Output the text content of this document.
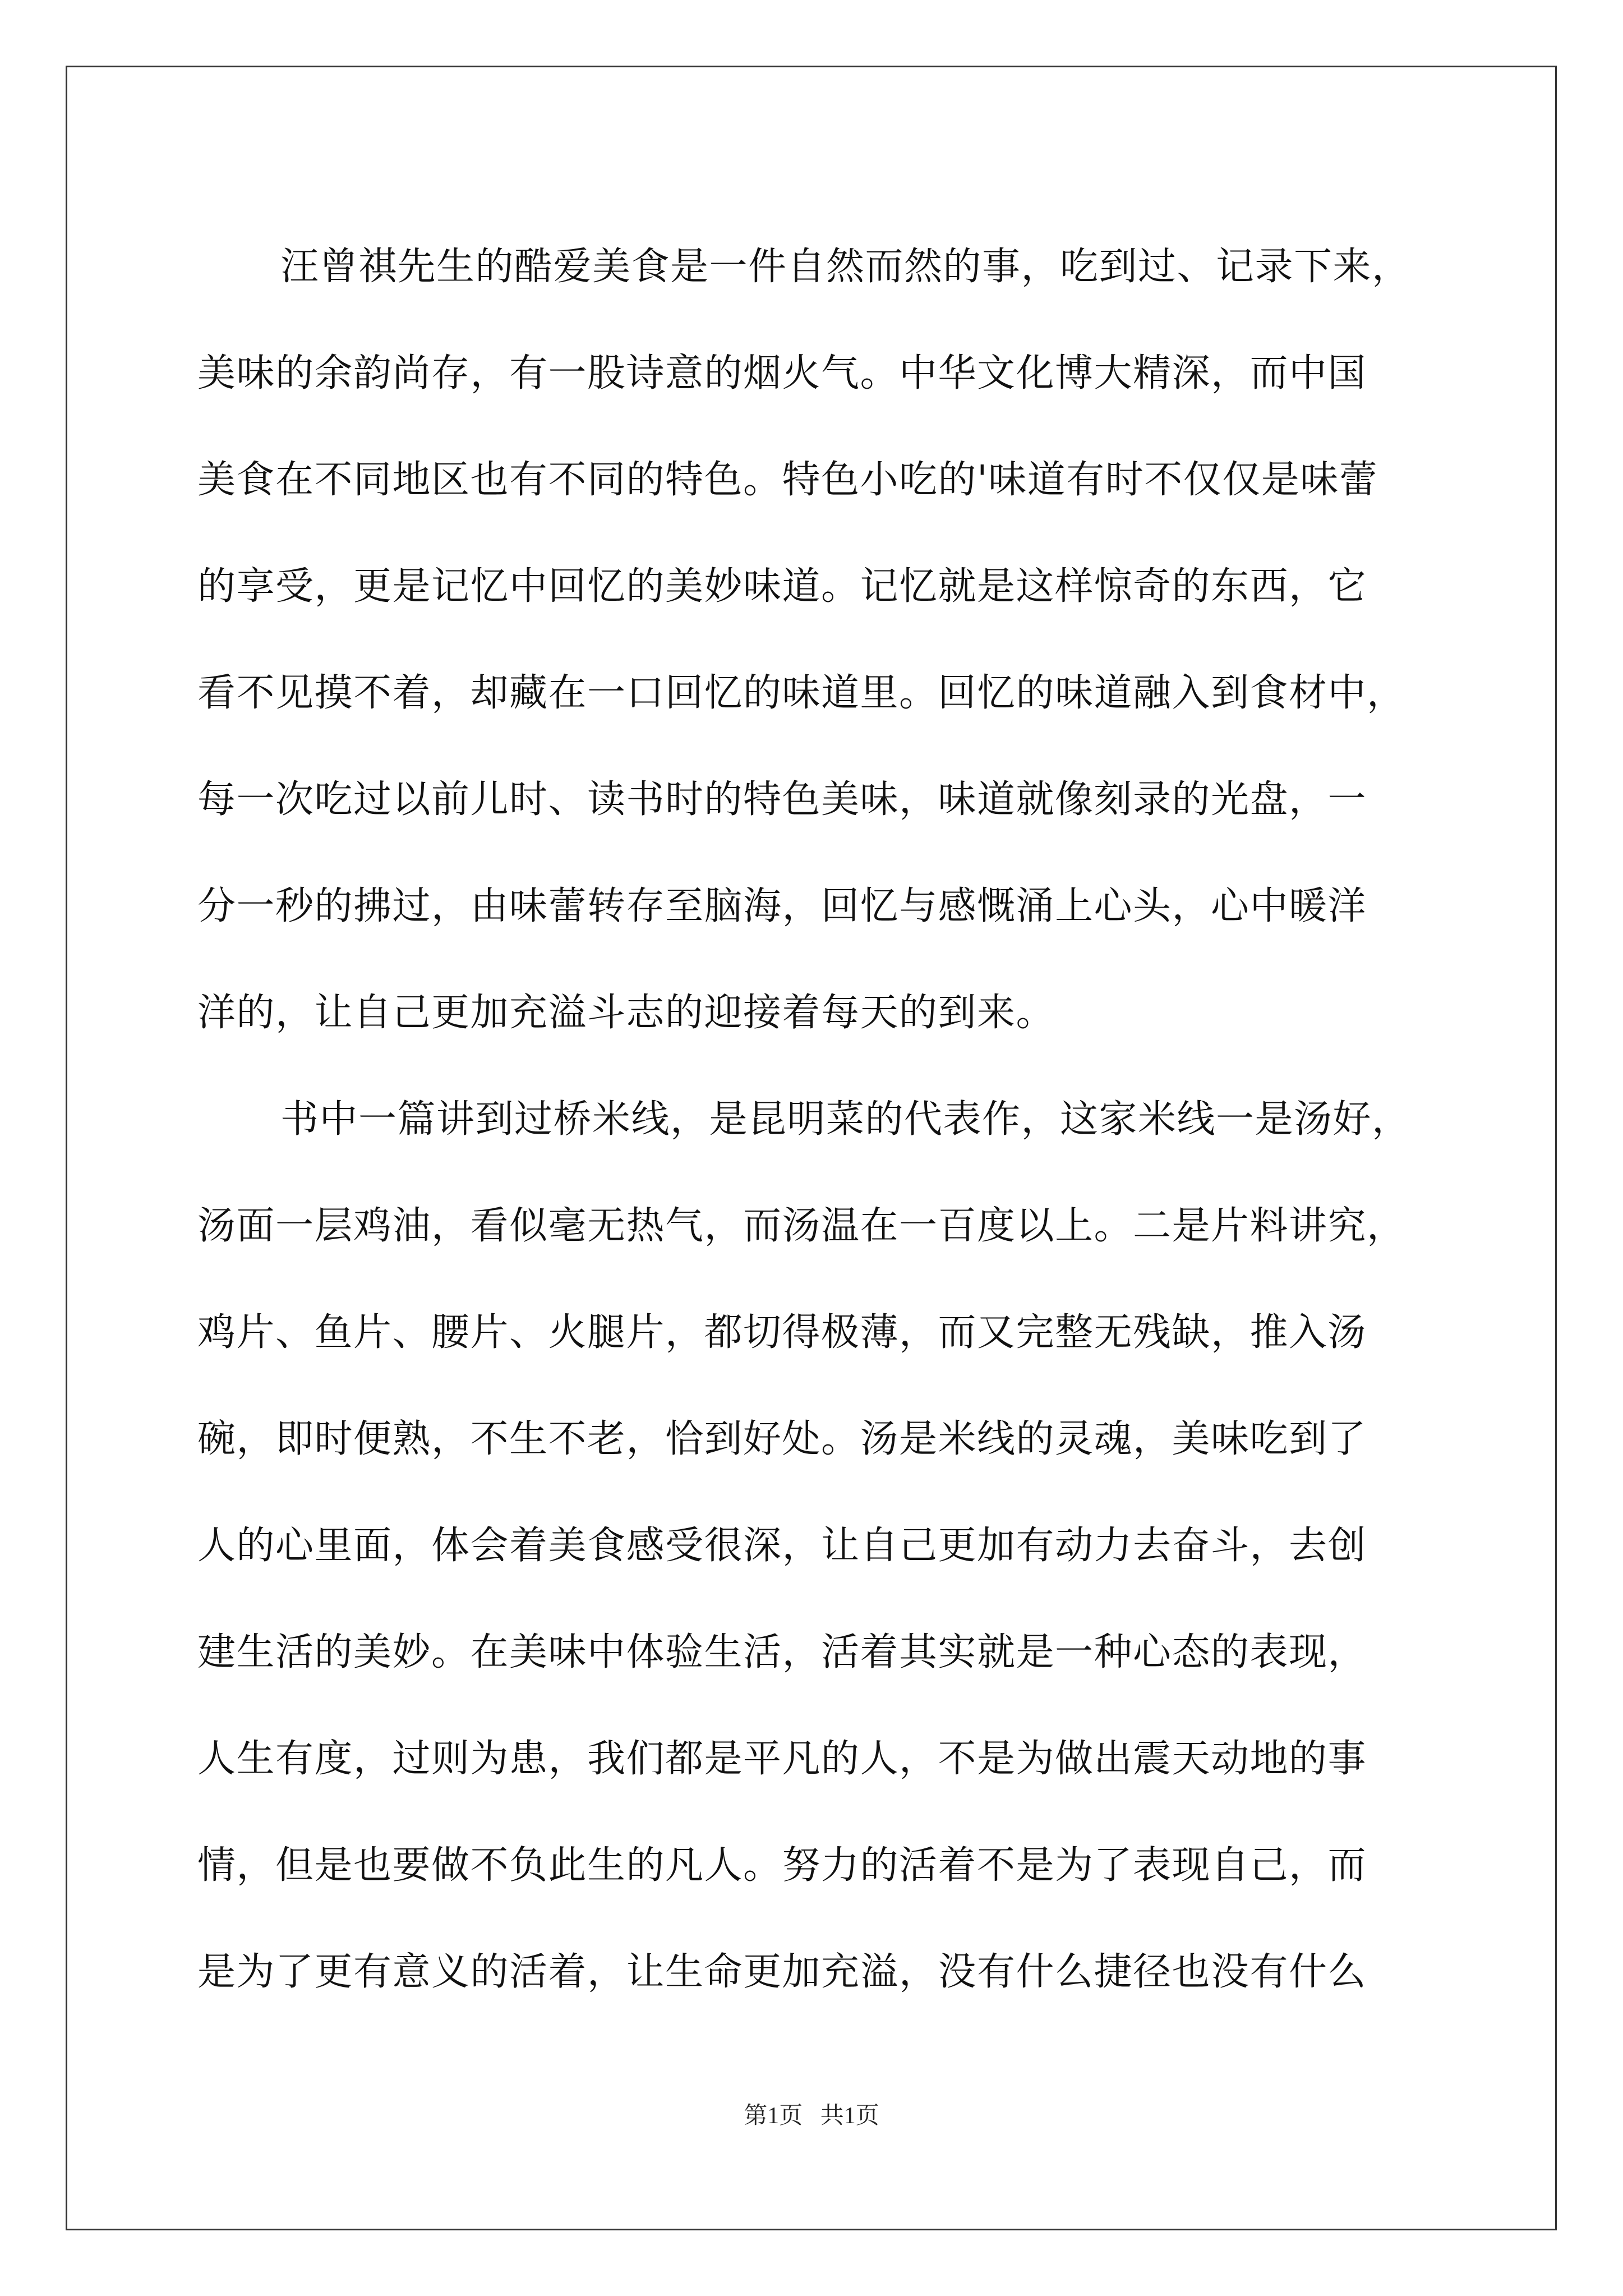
汪曾祺先生的酷爱美食是一件自然而然的事，吃到过、记录下来，
美味的余韵尚存，有一股诗意的烟火气。中华文化博大精深，而中国
美食在不同地区也有不同的特色。特色小吃的'味道有时不仅仅是味蕾
的享受，更是记忆中回忆的美妙味道。记忆就是这样惊奇的东西，它
看不见摸不着，却藏在一口回忆的味道里。回忆的味道融入到食材中，
每一次吃过以前儿时、读书时的特色美味，味道就像刻录的光盘，一
分一秒的拂过，由味蕾转存至脑海，回忆与感慨涌上心头，心中暖洋
洋的，让自己更加充溢斗志的迎接着每天的到来。
书中一篇讲到过桥米线，是昆明菜的代表作，这家米线一是汤好，
汤面一层鸡油，看似毫无热气，而汤温在一百度以上。二是片料讲究，
鸡片、鱼片、腰片、火腿片，都切得极薄，而又完整无残缺，推入汤
碗，即时便熟，不生不老，恰到好处。汤是米线的灵魂，美味吃到了
人的心里面，体会着美食感受很深，让自己更加有动力去奋斗，去创
建生活的美妙。在美味中体验生活，活着其实就是一种心态的表现，
人生有度，过则为患，我们都是平凡的人，不是为做出震天动地的事
情，但是也要做不负此生的凡人。努力的活着不是为了表现自己，而
是为了更有意义的活着，让生命更加充溢，没有什么捷径也没有什么
第1页   共1页
